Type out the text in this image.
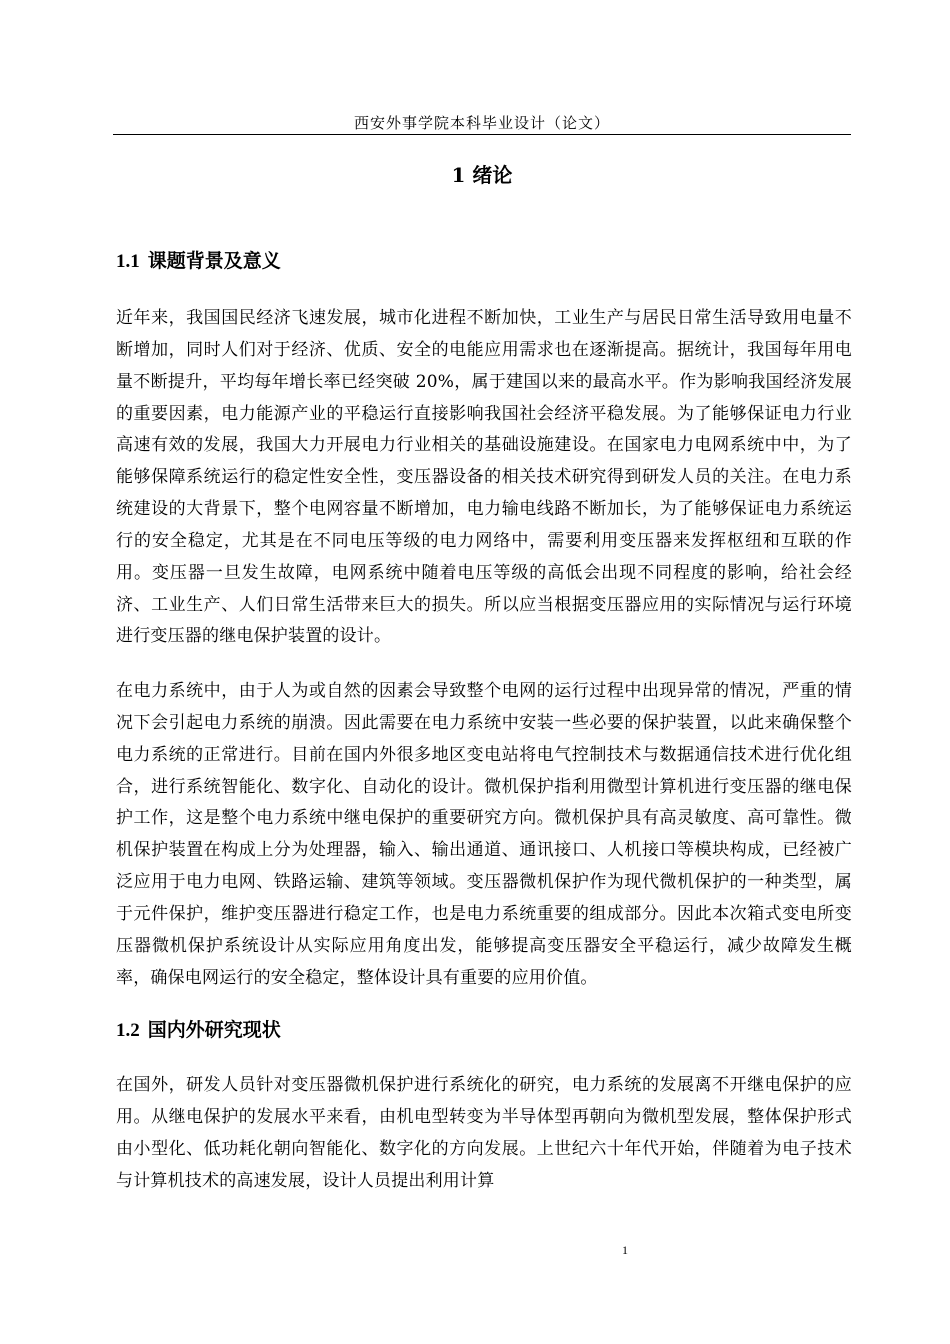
西安外事学院本科毕业设计（论文）
1 绪论
1.1 课题背景及意义

近年来，我国国民经济飞速发展，城市化进程不断加快，工业生产与居民日常生活导致用电量不断增加，同时人们对于经济、优质、安全的电能应用需求也在逐渐提高。据统计，我国每年用电量不断提升，平均每年增长率已经突破 20%，属于建国以来的最高水平。作为影响我国经济发展的重要因素，电力能源产业的平稳运行直接影响我国社会经济平稳发展。为了能够保证电力行业高速有效的发展，我国大力开展电力行业相关的基础设施建设。在国家电力电网系统中中，为了能够保障系统运行的稳定性安全性，变压器设备的相关技术研究得到研发人员的关注。在电力系统建设的大背景下，整个电网容量不断增加，电力输电线路不断加长，为了能够保证电力系统运行的安全稳定，尤其是在不同电压等级的电力网络中，需要利用变压器来发挥枢纽和互联的作用。变压器一旦发生故障，电网系统中随着电压等级的高低会出现不同程度的影响，给社会经济、工业生产、人们日常生活带来巨大的损失。所以应当根据变压器应用的实际情况与运行环境进行变压器的继电保护装置的设计。

在电力系统中，由于人为或自然的因素会导致整个电网的运行过程中出现异常的情况，严重的情况下会引起电力系统的崩溃。因此需要在电力系统中安装一些必要的保护装置，以此来确保整个电力系统的正常进行。目前在国内外很多地区变电站将电气控制技术与数据通信技术进行优化组合，进行系统智能化、数字化、自动化的设计。微机保护指利用微型计算机进行变压器的继电保护工作，这是整个电力系统中继电保护的重要研究方向。微机保护具有高灵敏度、高可靠性。微机保护装置在构成上分为处理器，输入、输出通道、通讯接口、人机接口等模块构成，已经被广泛应用于电力电网、铁路运输、建筑等领域。变压器微机保护作为现代微机保护的一种类型，属于元件保护，维护变压器进行稳定工作，也是电力系统重要的组成部分。因此本次箱式变电所变压器微机保护系统设计从实际应用角度出发，能够提高变压器安全平稳运行，减少故障发生概率，确保电网运行的安全稳定，整体设计具有重要的应用价值。

1.2 国内外研究现状

在国外，研发人员针对变压器微机保护进行系统化的研究，电力系统的发展离不开继电保护的应用。从继电保护的发展水平来看，由机电型转变为半导体型再朝向为微机型发展，整体保护形式由小型化、低功耗化朝向智能化、数字化的方向发展。上世纪六十年代开始，伴随着为电子技术与计算机技术的高速发展，设计人员提出利用计算

1
